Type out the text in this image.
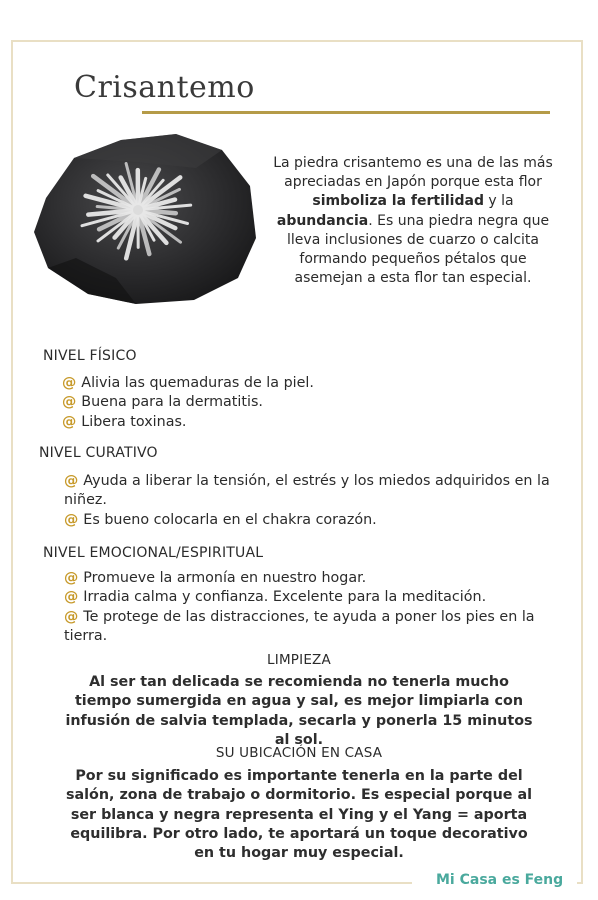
Crisantemo

La piedra crisantemo es una de las más apreciadas en Japón porque esta flor simboliza la fertilidad y la abundancia. Es una piedra negra que lleva inclusiones de cuarzo o calcita formando pequeños pétalos que asemejan a esta flor tan especial.

NIVEL FÍSICO
@ Alivia las quemaduras de la piel.
@ Buena para la dermatitis.
@ Libera toxinas.
NIVEL CURATIVO
@ Ayuda a liberar la tensión, el estrés y los miedos adquiridos en la niñez.
@ Es bueno colocarla en el chakra corazón.
NIVEL EMOCIONAL/ESPIRITUAL
@ Promueve la armonía en nuestro hogar.
@ Irradia calma y confianza. Excelente para la meditación.
@ Te protege de las distracciones, te ayuda a poner los pies en la tierra.
LIMPIEZA

Al ser tan delicada se recomienda no tenerla mucho tiempo sumergida en agua y sal, es mejor limpiarla con infusión de salvia templada, secarla y ponerla 15 minutos al sol.

SU UBICACIÓN EN CASA

Por su significado es importante tenerla en la parte del salón, zona de trabajo o dormitorio. Es especial porque al ser blanca y negra representa el Ying y el Yang = aporta equilibra. Por otro lado, te aportará un toque decorativo en tu hogar muy especial.

Mi Casa es Feng
